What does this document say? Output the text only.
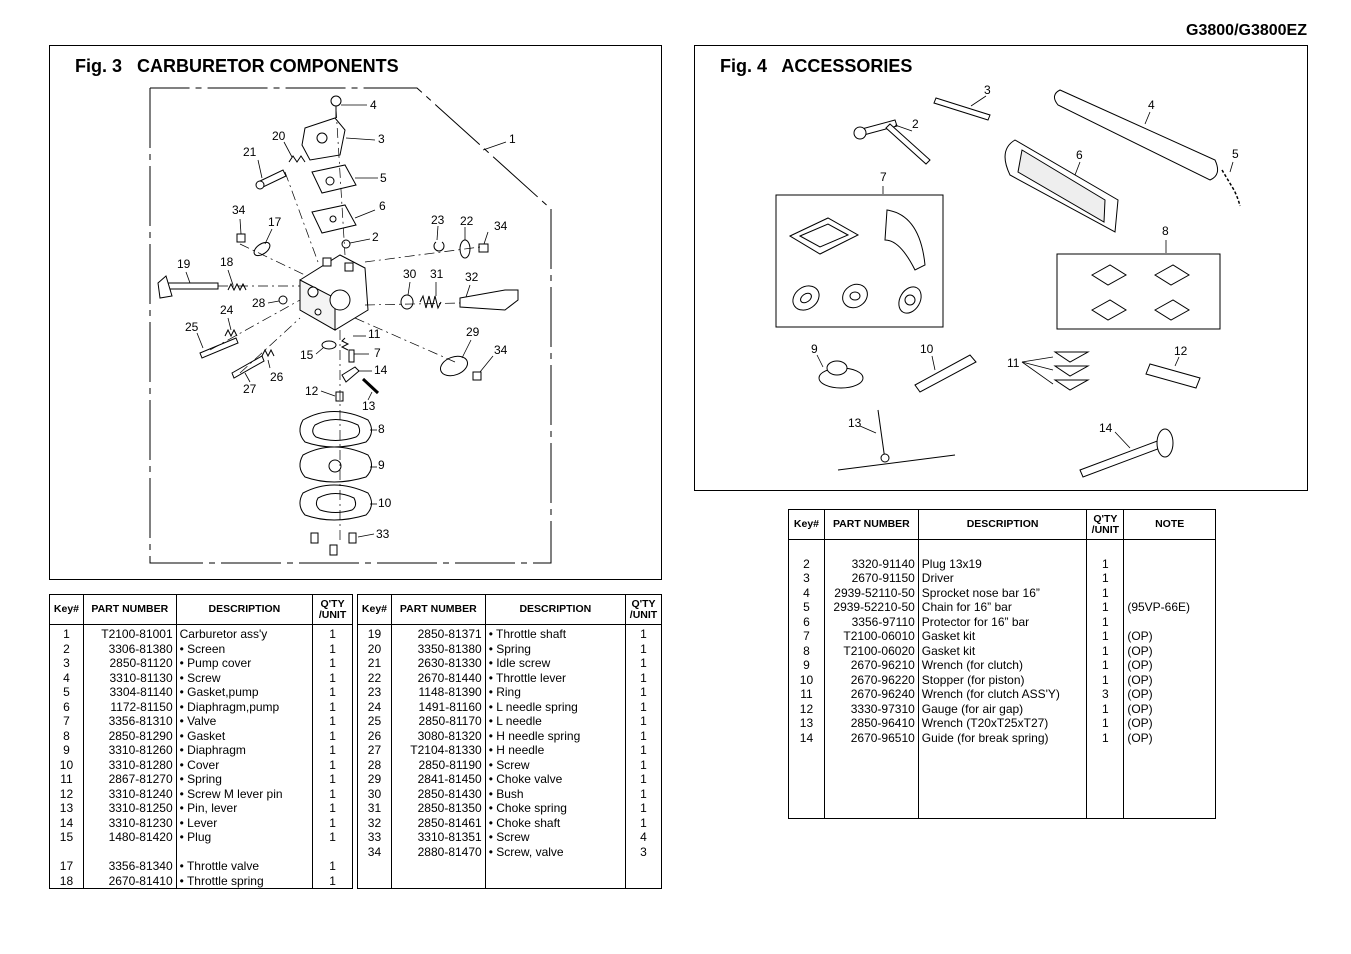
G3800/G3800EZ
Fig. 3   CARBURETOR COMPONENTS
1
2
3
4
5
6
7
8
9
10
11
12
13
14
15
17
18
19
20
21
22
23
24
25
26
27
28
29
30 31 32
33
34
34
34
Fig. 4   ACCESSORIES
2
3
4
5
6
7
8
9	10
11
12
13	14
Key#	PART NUMBER	DESCRIPTION	Q'TY
/UNIT
1	T2100-81001	Carburetor ass'y	1
2	3306-81380	• Screen	1
3	2850-81120	• Pump cover	1
4	3310-81130	• Screw	1
5	3304-81140	• Gasket,pump	1
6	1172-81150	• Diaphragm,pump	1
7	3356-81310	• Valve	1
8	2850-81290	• Gasket	1
9	3310-81260	• Diaphragm	1
10	3310-81280	• Cover	1
11	2867-81270	• Spring	1
12	3310-81240	• Screw M lever pin	1
13	3310-81250	• Pin, lever	1
14	3310-81230	• Lever	1
15	1480-81420	• Plug	1

17	3356-81340	• Throttle valve	1
18	2670-81410	• Throttle spring	1
Key#	PART NUMBER	DESCRIPTION	Q'TY
/UNIT
19	2850-81371	• Throttle shaft	1
20	3350-81380	• Spring	1
21	2630-81330	• Idle screw	1
22	2670-81440	• Throttle lever	1
23	1148-81390	• Ring	1
24	1491-81160	• L needle spring	1
25	2850-81170	• L needle	1
26	3080-81320	• H needle spring	1
27	T2104-81330	• H needle	1
28	2850-81190	• Screw	1
29	2841-81450	• Choke valve	1
30	2850-81430	• Bush	1
31	2850-81350	• Choke spring	1
32	2850-81461	• Choke shaft	1
33	3310-81351	• Screw	4
34	2880-81470	• Screw, valve	3

Key#	PART NUMBER	DESCRIPTION	Q'TY
/UNIT	NOTE

2	3320-91140	Plug 13x19	1	
3	2670-91150	Driver	1	
4	2939-52110-50	Sprocket nose bar 16”	1	
5	2939-52210-50	Chain for 16” bar	1	(95VP-66E)
6	3356-97110	Protector for 16” bar	1	
7	T2100-06010	Gasket kit	1	(OP)
8	T2100-06020	Gasket kit	1	(OP)
9	2670-96210	Wrench (for clutch)	1	(OP)
10	2670-96220	Stopper (for piston)	1	(OP)
11	2670-96240	Wrench (for clutch ASS'Y)	3	(OP)
12	3330-97310	Gauge (for air gap)	1	(OP)
13	2850-96410	Wrench (T20xT25xT27)	1	(OP)
14	2670-96510	Guide (for break spring)	1	(OP)
